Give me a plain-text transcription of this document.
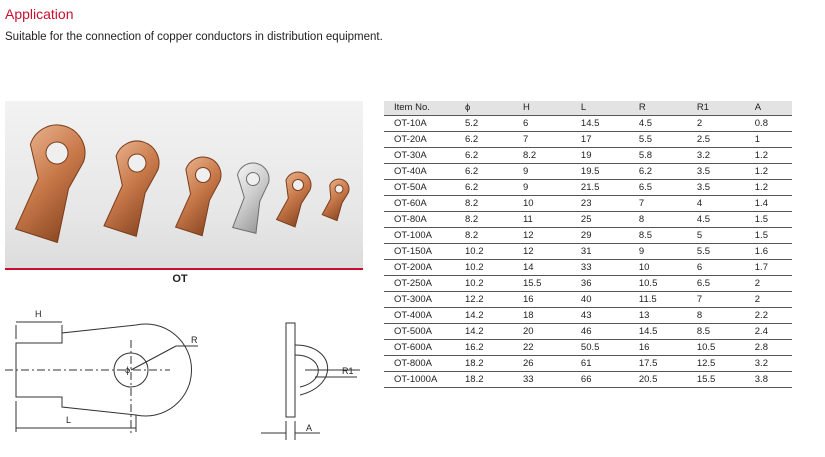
Application
Suitable for the connection of copper conductors in distribution equipment.
OT
H
R
ϕ
L
R1
A
Item No.	ϕ	H	L	R	R1	A
OT-10A	5.2	6	14.5	4.5	2	0.8
OT-20A	6.2	7	17	5.5	2.5	1
OT-30A	6.2	8.2	19	5.8	3.2	1.2
OT-40A	6.2	9	19.5	6.2	3.5	1.2
OT-50A	6.2	9	21.5	6.5	3.5	1.2
OT-60A	8.2	10	23	7	4	1.4
OT-80A	8.2	11	25	8	4.5	1.5
OT-100A	8.2	12	29	8.5	5	1.5
OT-150A	10.2	12	31	9	5.5	1.6
OT-200A	10.2	14	33	10	6	1.7
OT-250A	10.2	15.5	36	10.5	6.5	2
OT-300A	12.2	16	40	11.5	7	2
OT-400A	14.2	18	43	13	8	2.2
OT-500A	14.2	20	46	14.5	8.5	2.4
OT-600A	16.2	22	50.5	16	10.5	2.8
OT-800A	18.2	26	61	17.5	12.5	3.2
OT-1000A	18.2	33	66	20.5	15.5	3.8
